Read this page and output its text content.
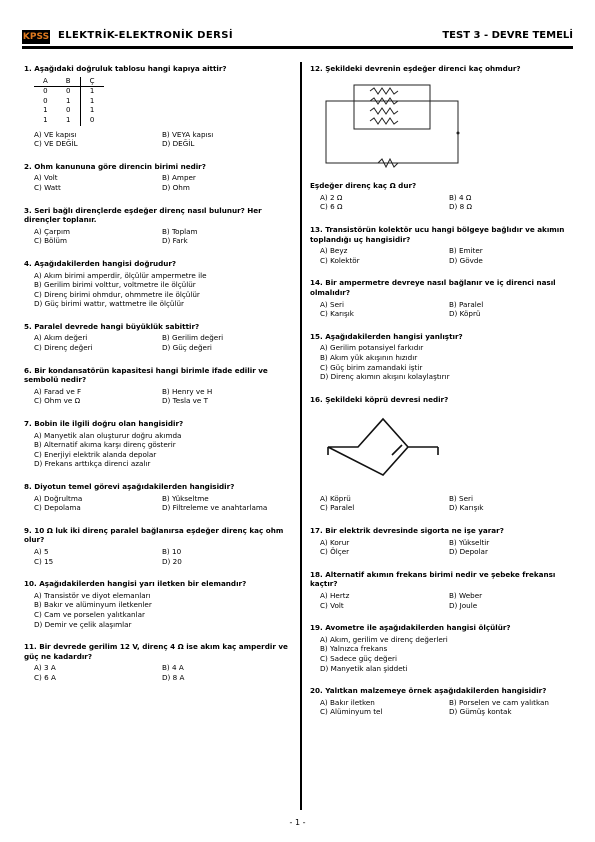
KPSS ELEKTRİK-ELEKTRONİK DERSİ	TEST 3 - DEVRE TEMELİ
1. Aşağıdaki doğruluk tablosu hangi kapıya aittir?
A	B	Ç
0	0	1
0	1	1
1	0	1
1	1	0
A) VE kapısı	B) VEYA kapısı
C) VE DEĞİL	D) DEĞİL
2. Ohm kanununa göre direncin birimi nedir?
A) Volt	B) Amper
C) Watt	D) Ohm
3. Seri bağlı dirençlerde eşdeğer direnç nasıl bulunur? Her dirençler toplanır.
A) Çarpım	B) Toplam
C) Bölüm	D) Fark
4. Aşağıdakilerden hangisi doğrudur?
A) Akım birimi amperdir, ölçülür ampermetre ile
B) Gerilim birimi volttur, voltmetre ile ölçülür
C) Direnç birimi ohmdur, ohmmetre ile ölçülür
D) Güç birimi wattır, wattmetre ile ölçülür
5. Paralel devrede hangi büyüklük sabittir?
A) Akım değeri	B) Gerilim değeri
C) Direnç değeri	D) Güç değeri
6. Bir kondansatörün kapasitesi hangi birimle ifade edilir ve sembolü nedir?
A) Farad ve F	B) Henry ve H
C) Ohm ve Ω	D) Tesla ve T
7. Bobin ile ilgili doğru olan hangisidir?
A) Manyetik alan oluşturur doğru akımda
B) Alternatif akıma karşı direnç gösterir
C) Enerjiyi elektrik alanda depolar
D) Frekans arttıkça direnci azalır
8. Diyotun temel görevi aşağıdakilerden hangisidir?
A) Doğrultma	B) Yükseltme
C) Depolama	D) Filtreleme ve anahtarlama
9. 10 Ω luk iki direnç paralel bağlanırsa eşdeğer direnç kaç ohm olur?
A) 5	B) 10
C) 15	D) 20
10. Aşağıdakilerden hangisi yarı iletken bir elemandır?
A) Transistör ve diyot elemanları
B) Bakır ve alüminyum iletkenler
C) Cam ve porselen yalıtkanlar
D) Demir ve çelik alaşımlar
11. Bir devrede gerilim 12 V, direnç 4 Ω ise akım kaç amperdir ve güç ne kadardır?
A) 3 A	B) 4 A
C) 6 A	D) 8 A
12. Şekildeki devrenin eşdeğer direnci kaç ohmdur?
Eşdeğer direnç kaç Ω dur?
A) 2 Ω	B) 4 Ω
C) 6 Ω	D) 8 Ω
13. Transistörün kolektör ucu hangi bölgeye bağlıdır ve akımın toplandığı uç hangisidir?
A) Beyz	B) Emiter
C) Kolektör	D) Gövde
14. Bir ampermetre devreye nasıl bağlanır ve iç direnci nasıl olmalıdır?
A) Seri	B) Paralel
C) Karışık	D) Köprü
15. Aşağıdakilerden hangisi yanlıştır?
A) Gerilim potansiyel farkıdır
B) Akım yük akışının hızıdır
C) Güç birim zamandaki iştir
D) Direnç akımın akışını kolaylaştırır
16. Şekildeki köprü devresi nedir?
A) Köprü	B) Seri
C) Paralel	D) Karışık
17. Bir elektrik devresinde sigorta ne işe yarar?
A) Korur	B) Yükseltir
C) Ölçer	D) Depolar
18. Alternatif akımın frekans birimi nedir ve şebeke frekansı kaçtır?
A) Hertz	B) Weber
C) Volt	D) Joule
19. Avometre ile aşağıdakilerden hangisi ölçülür?
A) Akım, gerilim ve direnç değerleri
B) Yalnızca frekans
C) Sadece güç değeri
D) Manyetik alan şiddeti
20. Yalıtkan malzemeye örnek aşağıdakilerden hangisidir?
A) Bakır iletken	B) Porselen ve cam yalıtkan
C) Alüminyum tel	D) Gümüş kontak
- 1 -
